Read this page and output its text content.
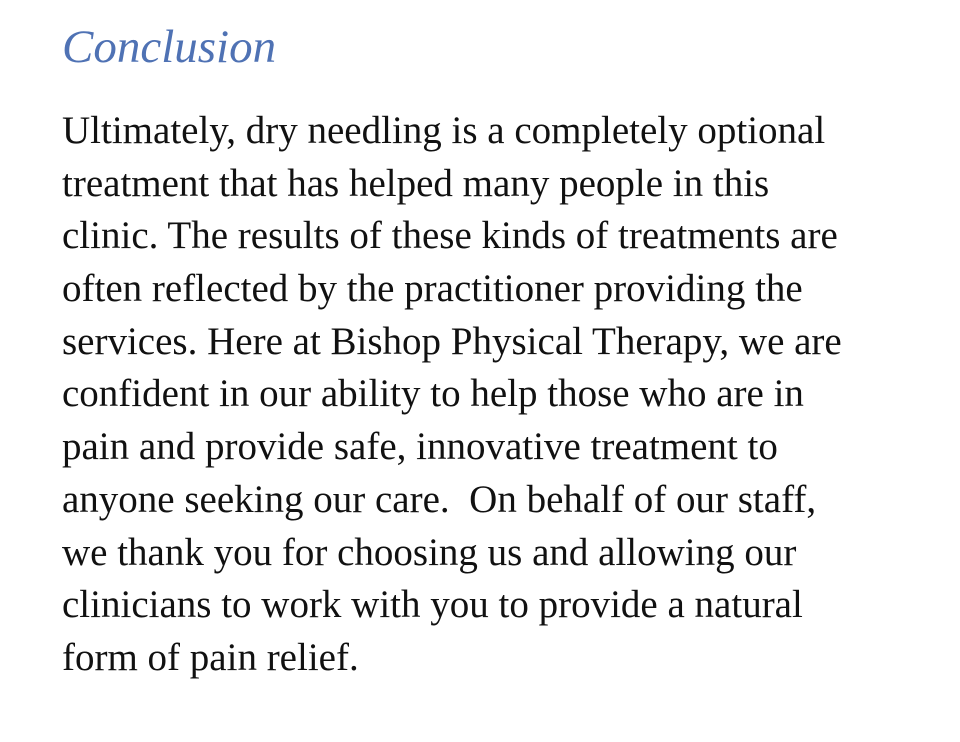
Conclusion
Ultimately, dry needling is a completely optional
treatment that has helped many people in this
clinic. The results of these kinds of treatments are
often reflected by the practitioner providing the
services. Here at Bishop Physical Therapy, we are
confident in our ability to help those who are in
pain and provide safe, innovative treatment to
anyone seeking our care.  On behalf of our staff,
we thank you for choosing us and allowing our
clinicians to work with you to provide a natural
form of pain relief.
